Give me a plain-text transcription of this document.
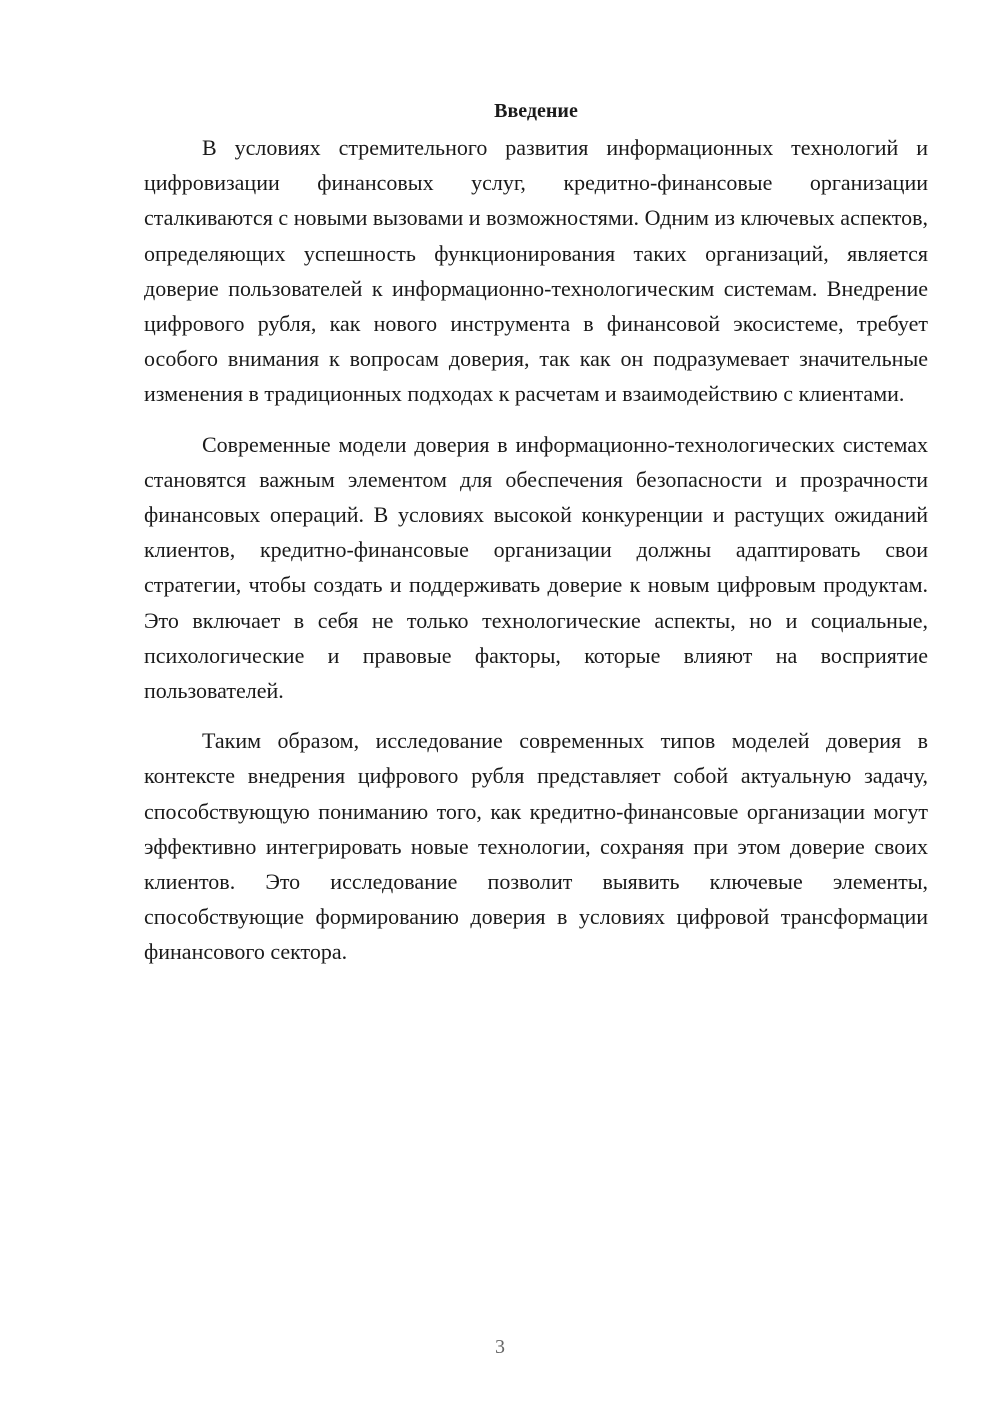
Введение

В условиях стремительного развития информационных технологий и цифровизации финансовых услуг, кредитно-финансовые организации сталкиваются с новыми вызовами и возможностями. Одним из ключевых аспектов, определяющих успешность функционирования таких организаций, является доверие пользователей к информационно-технологическим системам. Внедрение цифрового рубля, как нового инструмента в финансовой экосистеме, требует особого внимания к вопросам доверия, так как он подразумевает значительные изменения в традиционных подходах к расчетам и взаимодействию с клиентами.

Современные модели доверия в информационно-технологических системах становятся важным элементом для обеспечения безопасности и прозрачности финансовых операций. В условиях высокой конкуренции и растущих ожиданий клиентов, кредитно-финансовые организации должны адаптировать свои стратегии, чтобы создать и поддерживать доверие к новым цифровым продуктам. Это включает в себя не только технологические аспекты, но и социальные, психологические и правовые факторы, которые влияют на восприятие пользователей.

Таким образом, исследование современных типов моделей доверия в контексте внедрения цифрового рубля представляет собой актуальную задачу, способствующую пониманию того, как кредитно-финансовые организации могут эффективно интегрировать новые технологии, сохраняя при этом доверие своих клиентов. Это исследование позволит выявить ключевые элементы, способствующие формированию доверия в условиях цифровой трансформации финансового сектора.

3
